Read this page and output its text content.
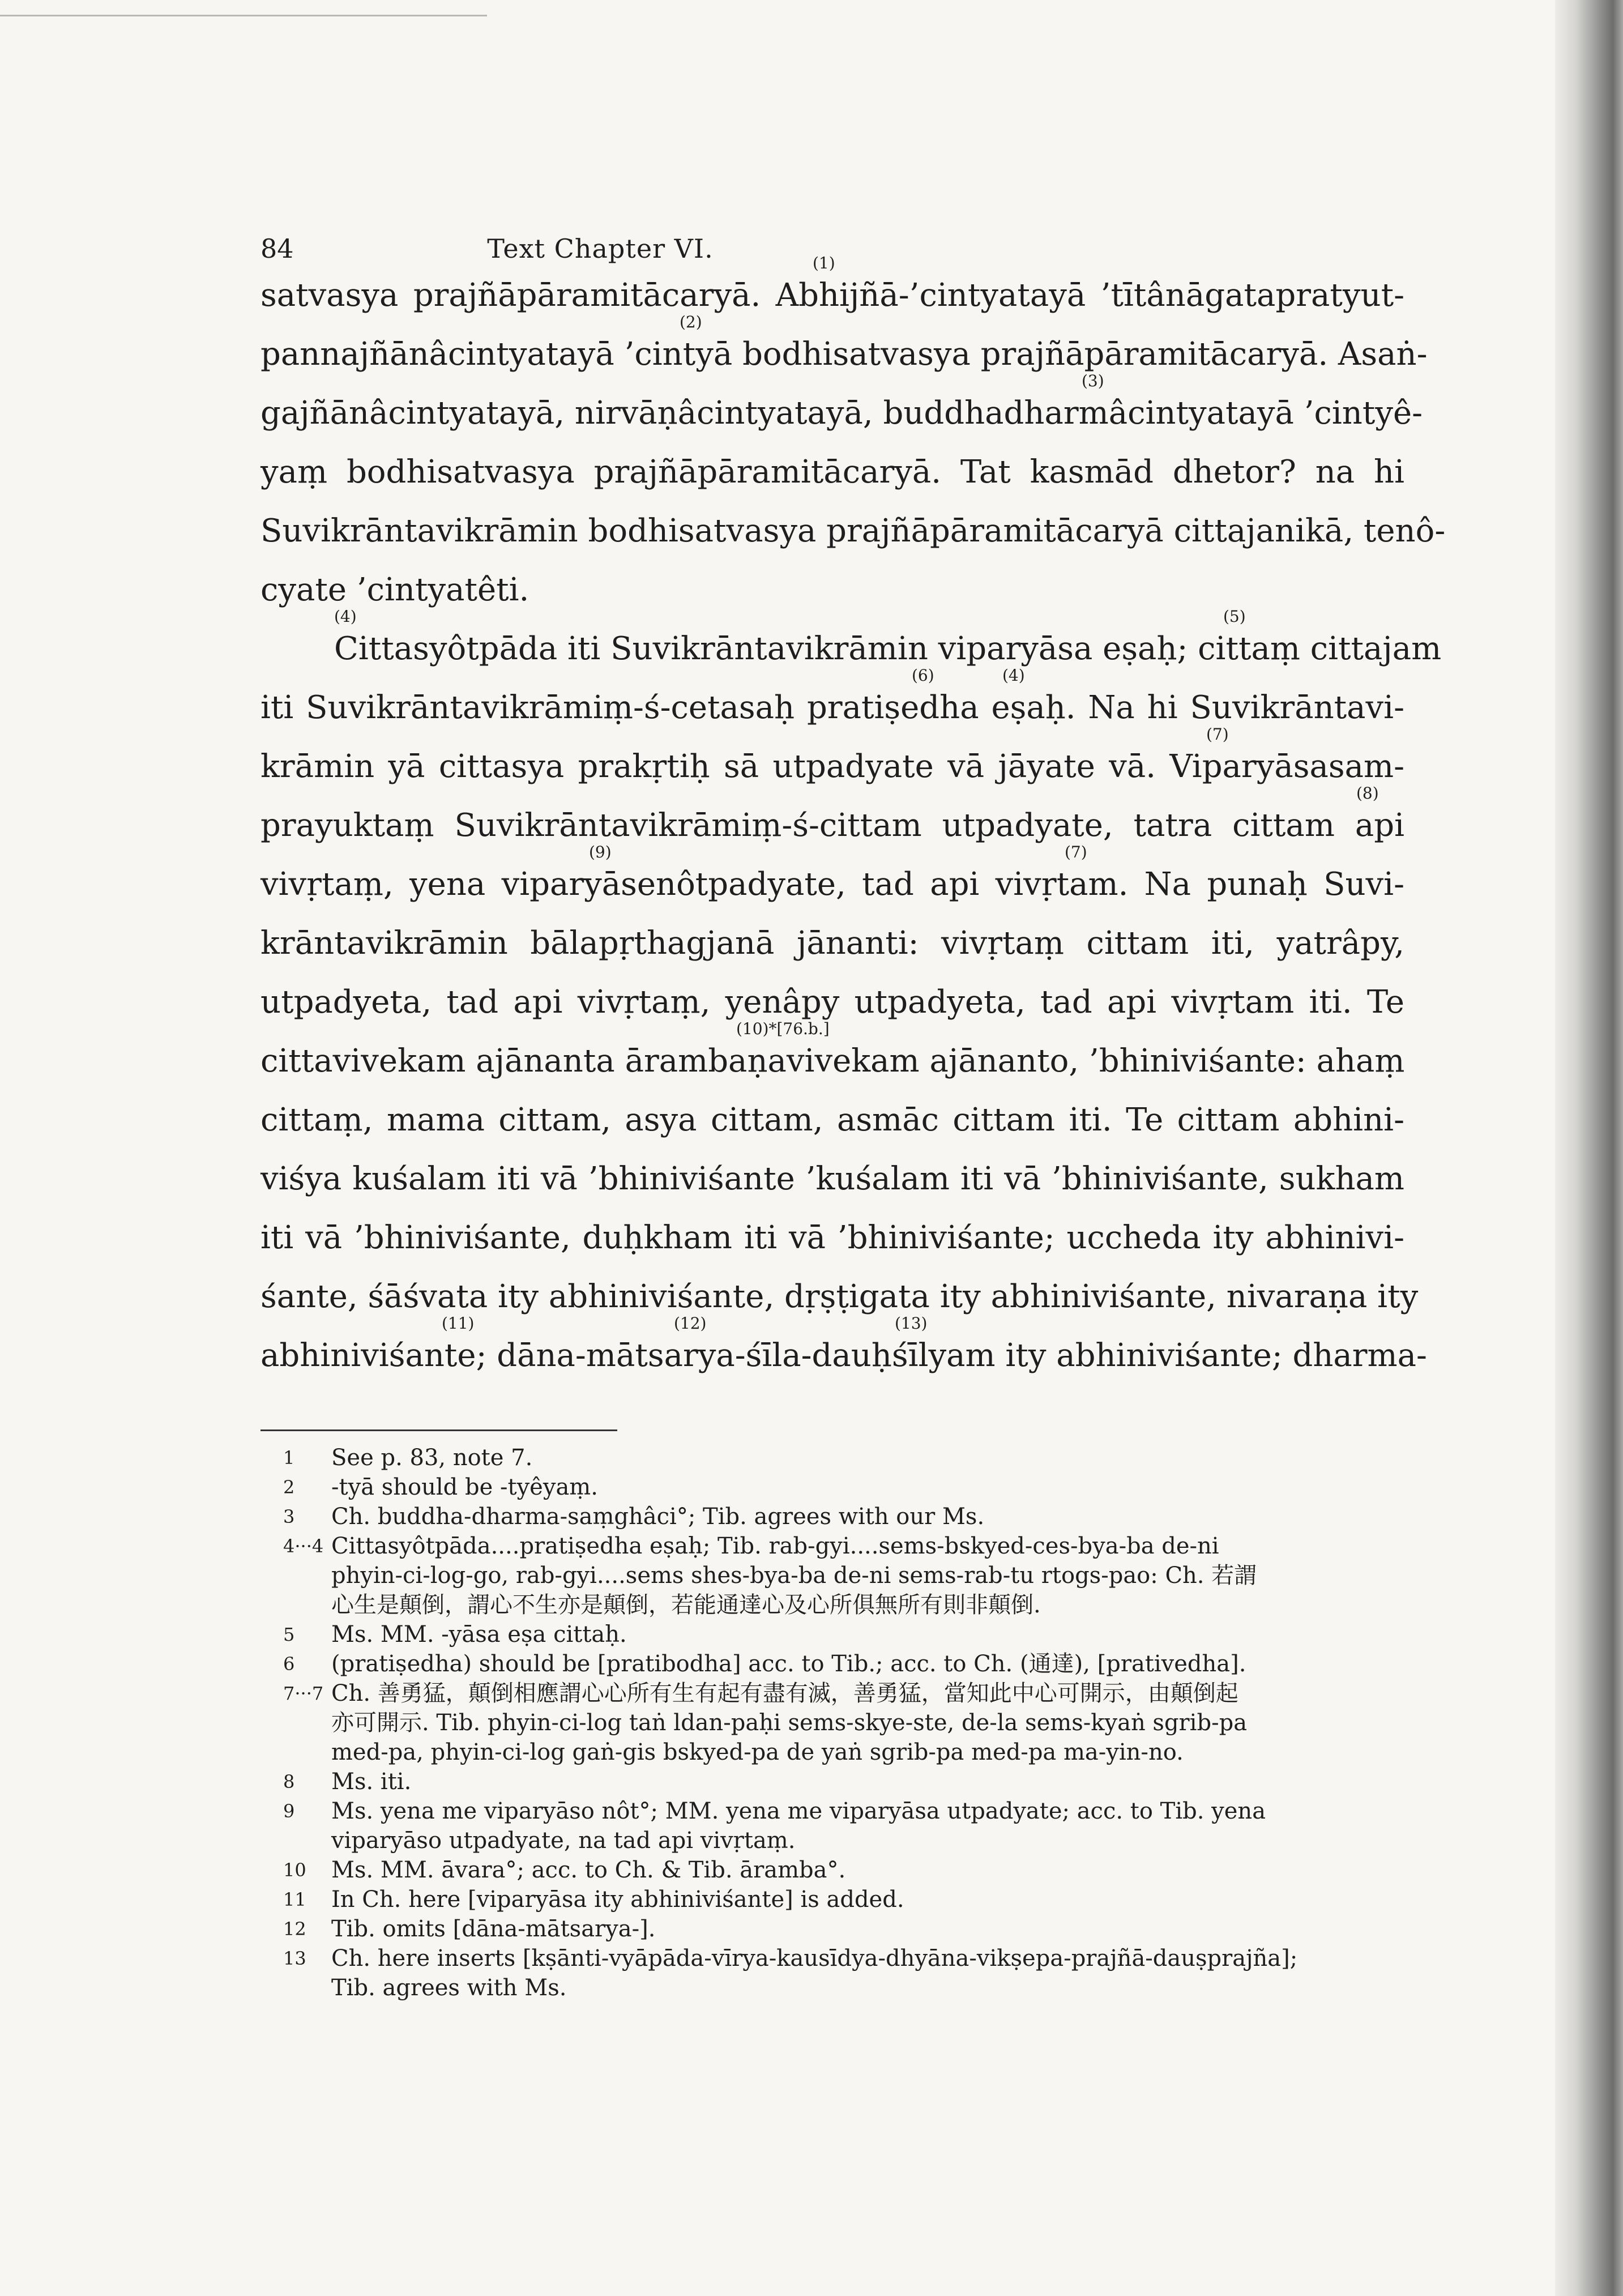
84	Text Chapter VI.
satvasya prajñāpāramitācaryā. Abhijñā-’cintyatayā ’tītânāgatapratyut-
(1)
pannajñānâcintyatayā ’cintyā bodhisatvasya prajñāpāramitācaryā. Asaṅ-
(2)
gajñānâcintyatayā, nirvāṇâcintyatayā, buddhadharmâcintyatayā ’cintyê-
(3)
yaṃ bodhisatvasya prajñāpāramitācaryā. Tat kasmād dhetor? na hi
Suvikrāntavikrāmin bodhisatvasya prajñāpāramitācaryā cittajanikā, tenô-
cyate ’cintyatêti.
Cittasyôtpāda iti Suvikrāntavikrāmin viparyāsa eṣaḥ; cittaṃ cittajam
(4)	(5)
iti Suvikrāntavikrāmiṃ-ś-cetasaḥ pratiṣedha eṣaḥ. Na hi Suvikrāntavi-
(6)	(4)
krāmin yā cittasya prakṛtiḥ sā utpadyate vā jāyate vā. Viparyāsasam-
(7)
prayuktaṃ Suvikrāntavikrāmiṃ-ś-cittam utpadyate, tatra cittam api
(8)
vivṛtaṃ, yena viparyāsenôtpadyate, tad api vivṛtam. Na punaḥ Suvi-
(9)	(7)
krāntavikrāmin bālapṛthagjanā jānanti: vivṛtaṃ cittam iti, yatrâpy,
utpadyeta, tad api vivṛtaṃ, yenâpy utpadyeta, tad api vivṛtam iti. Te
cittavivekam ajānanta ārambaṇavivekam ajānanto, ’bhiniviśante: ahaṃ
(10)*[76.b.]
cittaṃ, mama cittam, asya cittam, asmāc cittam iti. Te cittam abhini-
viśya kuśalam iti vā ’bhiniviśante ’kuśalam iti vā ’bhiniviśante, sukham
iti vā ’bhiniviśante, duḥkham iti vā ’bhiniviśante; uccheda ity abhinivi-
śante, śāśvata ity abhiniviśante, dṛṣṭigata ity abhiniviśante, nivaraṇa ity
abhiniviśante; dāna-mātsarya-śīla-dauḥśīlyam ity abhiniviśante; dharma-
(11)	(12)	(13)
1 See p. 83, note 7.
2 -tyā should be -tyêyaṃ.
3 Ch. buddha-dharma-saṃghâci°; Tib. agrees with our Ms.
4···4 Cittasyôtpāda....pratiṣedha eṣaḥ; Tib. rab-gyi....sems-bskyed-ces-bya-ba de-ni
phyin-ci-log-go, rab-gyi....sems shes-bya-ba de-ni sems-rab-tu rtogs-pao: Ch. 若謂
心生是顛倒，謂心不生亦是顛倒，若能通達心及心所俱無所有則非顛倒.
5 Ms. MM. -yāsa eṣa cittaḥ.
6 (pratiṣedha) should be [pratibodha] acc. to Tib.; acc. to Ch. (通達), [prativedha].
7···7 Ch. 善勇猛，顛倒相應謂心心所有生有起有盡有滅，善勇猛，當知此中心可開示，由顛倒起
亦可開示. Tib. phyin-ci-log taṅ ldan-paḥi sems-skye-ste, de-la sems-kyaṅ sgrib-pa
med-pa, phyin-ci-log gaṅ-gis bskyed-pa de yaṅ sgrib-pa med-pa ma-yin-no.
8 Ms. iti.
9 Ms. yena me viparyāso nôt°; MM. yena me viparyāsa utpadyate; acc. to Tib. yena
viparyāso utpadyate, na tad api vivṛtaṃ.
10 Ms. MM. āvara°; acc. to Ch. & Tib. āramba°.
11 In Ch. here [viparyāsa ity abhiniviśante] is added.
12 Tib. omits [dāna-mātsarya-].
13 Ch. here inserts [kṣānti-vyāpāda-vīrya-kausīdya-dhyāna-vikṣepa-prajñā-dauṣprajña];
Tib. agrees with Ms.
